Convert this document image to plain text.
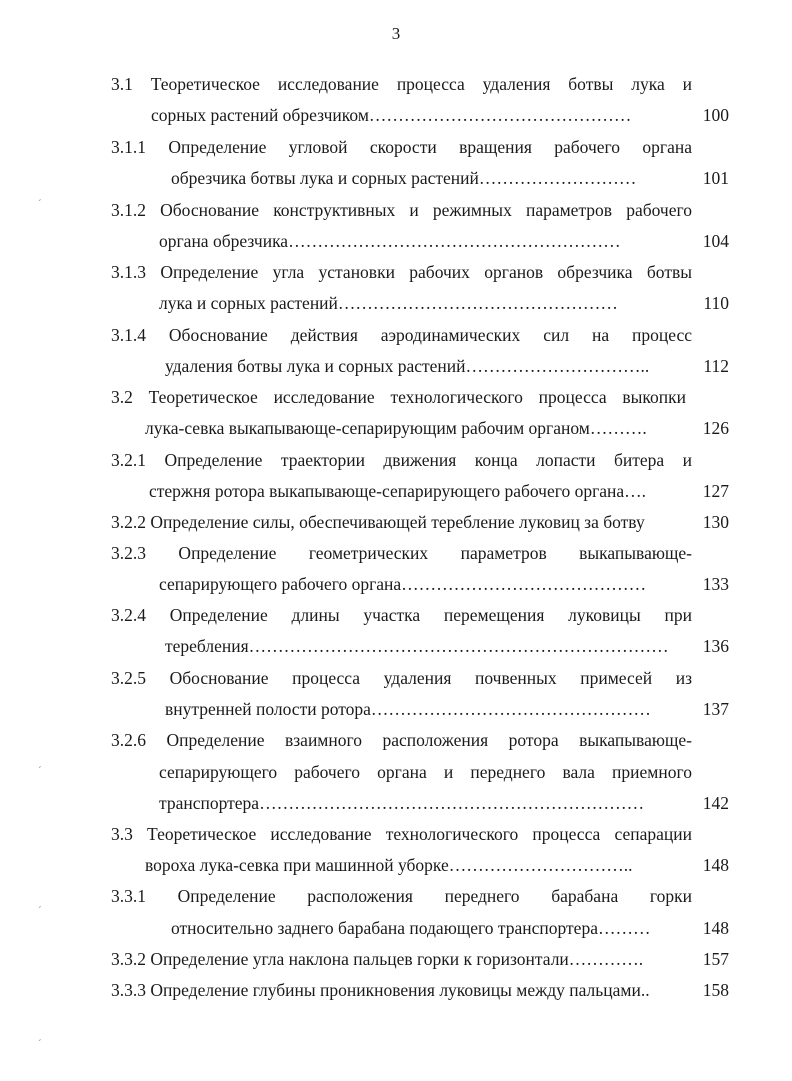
3
3.1 Теоретическое исследование процесса удаления ботвы лука и
сорных растений обрезчиком………………………………………	100
3.1.1 Определение угловой скорости вращения рабочего органа
обрезчика ботвы лука и сорных растений………………………	101
3.1.2 Обоснование конструктивных и режимных параметров рабочего
органа обрезчика…………………………………………………	104
3.1.3 Определение угла установки рабочих органов обрезчика ботвы
лука и сорных растений…………………………………………	110
3.1.4 Обоснование действия аэродинамических сил на процесс
удаления ботвы лука и сорных растений…………………………..	112
3.2 Теоретическое исследование технологического процесса выкопки
лука-севка выкапывающе-сепарирующим рабочим органом……….	126
3.2.1 Определение траектории движения конца лопасти битера и
стержня ротора выкапывающе-сепарирующего рабочего органа….	127
3.2.2 Определение силы, обеспечивающей теребление луковиц за ботву	130
3.2.3 Определение геометрических параметров выкапывающе-
сепарирующего рабочего органа……………………………………	133
3.2.4 Определение длины участка перемещения луковицы при
теребления……………………………………………………………… 136
3.2.5 Обоснование процесса удаления почвенных примесей из
внутренней полости ротора…………………………………………	137
3.2.6 Определение взаимного расположения ротора выкапывающе-
сепарирующего рабочего органа и переднего вала приемного
транспортера…………………………………………………………	142
3.3 Теоретическое исследование технологического процесса сепарации
вороха лука-севка при машинной уборке…………………………..	148
3.3.1 Определение расположения переднего барабана горки
относительно заднего барабана подающего транспортера………	148
3.3.2 Определение угла наклона пальцев горки к горизонтали………….	157
3.3.3 Определение глубины проникновения луковицы между пальцами..	158
ˊ
ˊ
ˊ
ˊ
